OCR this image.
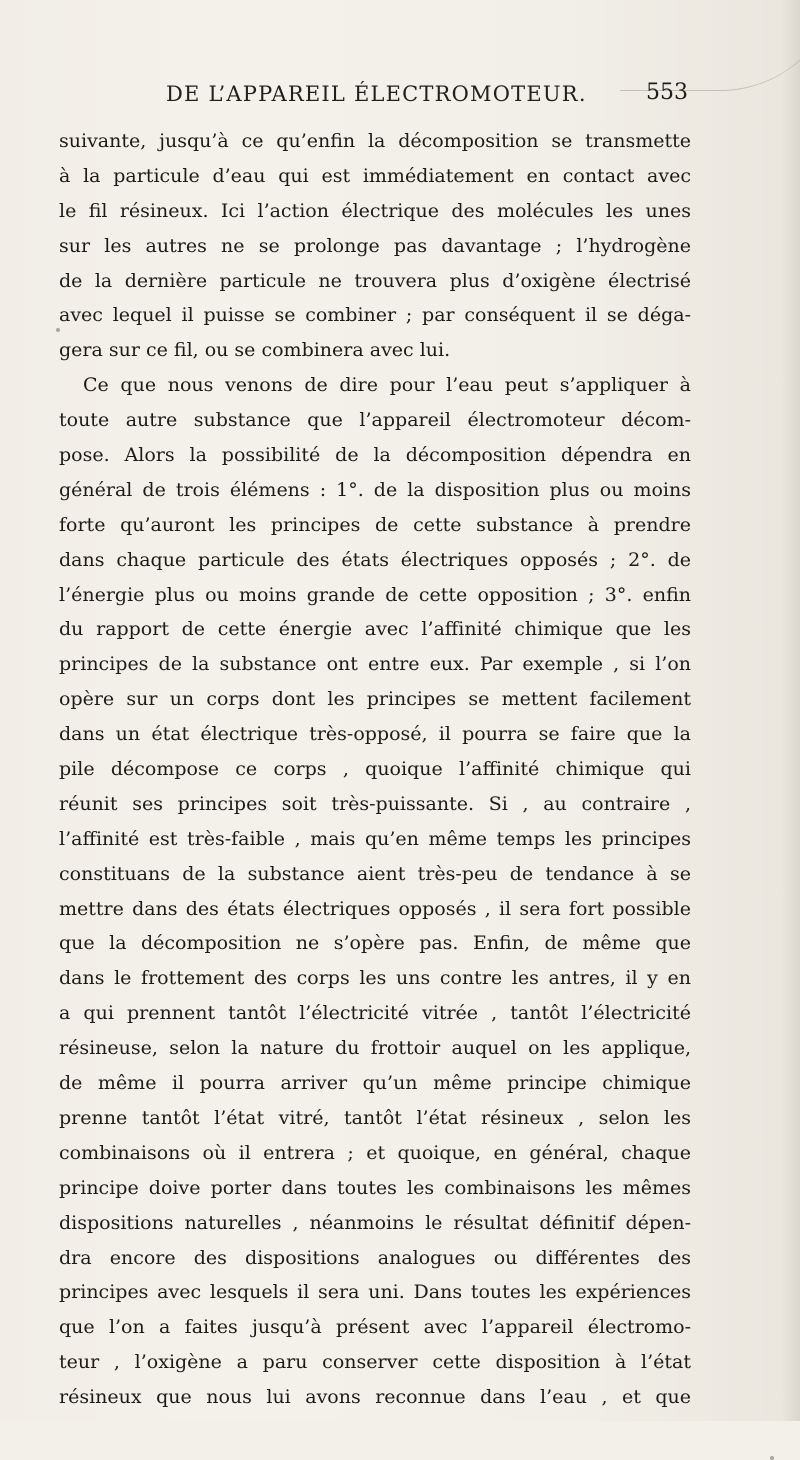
DE L’APPAREIL ÉLECTROMOTEUR.	553
suivante, jusqu’à ce qu’enfin la décomposition se transmette
à la particule d’eau qui est immédiatement en contact avec
le fil résineux. Ici l’action électrique des molécules les unes
sur les autres ne se prolonge pas davantage ; l’hydrogène
de la dernière particule ne trouvera plus d’oxigène électrisé
avec lequel il puisse se combiner ; par conséquent il se déga-
gera sur ce fil, ou se combinera avec lui.
Ce que nous venons de dire pour l’eau peut s’appliquer à
toute autre substance que l’appareil électromoteur décom-
pose. Alors la possibilité de la décomposition dépendra en
général de trois élémens : 1°. de la disposition plus ou moins
forte qu’auront les principes de cette substance à prendre
dans chaque particule des états électriques opposés ; 2°. de
l’énergie plus ou moins grande de cette opposition ; 3°. enfin
du rapport de cette énergie avec l’affinité chimique que les
principes de la substance ont entre eux. Par exemple , si l’on
opère sur un corps dont les principes se mettent facilement
dans un état électrique très-opposé, il pourra se faire que la
pile décompose ce corps , quoique l’affinité chimique qui
réunit ses principes soit très-puissante. Si , au contraire ,
l’affinité est très-faible , mais qu’en même temps les principes
constituans de la substance aient très-peu de tendance à se
mettre dans des états électriques opposés , il sera fort possible
que la décomposition ne s’opère pas. Enfin, de même que
dans le frottement des corps les uns contre les antres, il y en
a qui prennent tantôt l’électricité vitrée , tantôt l’électricité
résineuse, selon la nature du frottoir auquel on les applique,
de même il pourra arriver qu’un même principe chimique
prenne tantôt l’état vitré, tantôt l’état résineux , selon les
combinaisons où il entrera ; et quoique, en général, chaque
principe doive porter dans toutes les combinaisons les mêmes
dispositions naturelles , néanmoins le résultat définitif dépen-
dra encore des dispositions analogues ou différentes des
principes avec lesquels il sera uni. Dans toutes les expériences
que l’on a faites jusqu’à présent avec l’appareil électromo-
teur , l’oxigène a paru conserver cette disposition à l’état
résineux que nous lui avons reconnue dans l’eau , et que
